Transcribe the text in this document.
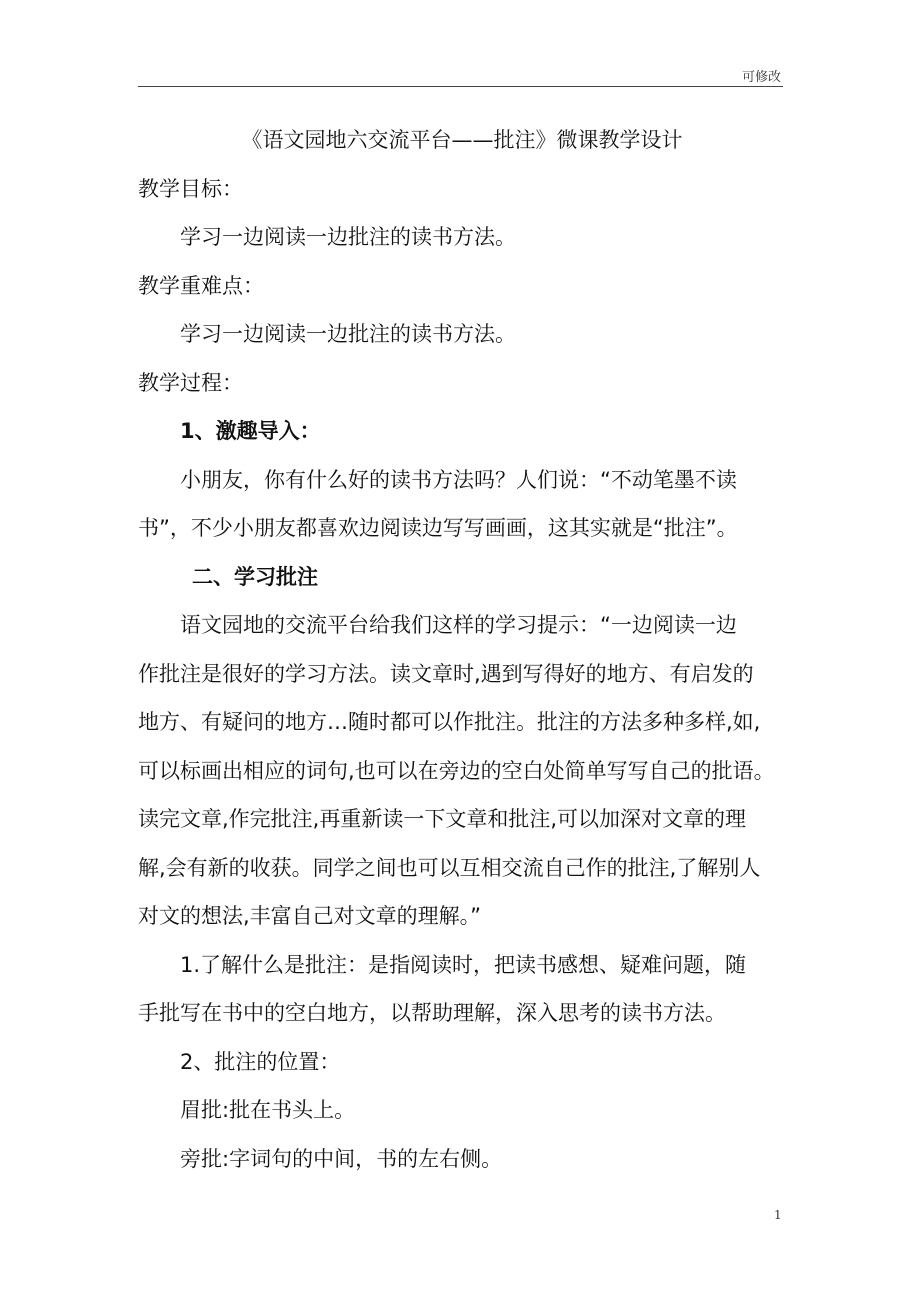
可修改
《语文园地六交流平台——批注》微课教学设计
教学目标：
学习一边阅读一边批注的读书方法。
教学重难点：
学习一边阅读一边批注的读书方法。
教学过程：
1、激趣导入：
小朋友，你有什么好的读书方法吗？人们说：“不动笔墨不读
书”，不少小朋友都喜欢边阅读边写写画画，这其实就是“批注”。
二、学习批注
语文园地的交流平台给我们这样的学习提示：“一边阅读一边
作批注是很好的学习方法。读文章时,遇到写得好的地方、有启发的
地方、有疑问的地方…随时都可以作批注。批注的方法多种多样,如,
可以标画出相应的词句,也可以在旁边的空白处简单写写自己的批语。
读完文章,作完批注,再重新读一下文章和批注,可以加深对文章的理
解,会有新的收获。同学之间也可以互相交流自己作的批注,了解别人
对文的想法,丰富自己对文章的理解。”
1.了解什么是批注：是指阅读时，把读书感想、疑难问题，随
手批写在书中的空白地方，以帮助理解，深入思考的读书方法。
2、批注的位置：
眉批:批在书头上。
旁批:字词句的中间，书的左右侧。
1
